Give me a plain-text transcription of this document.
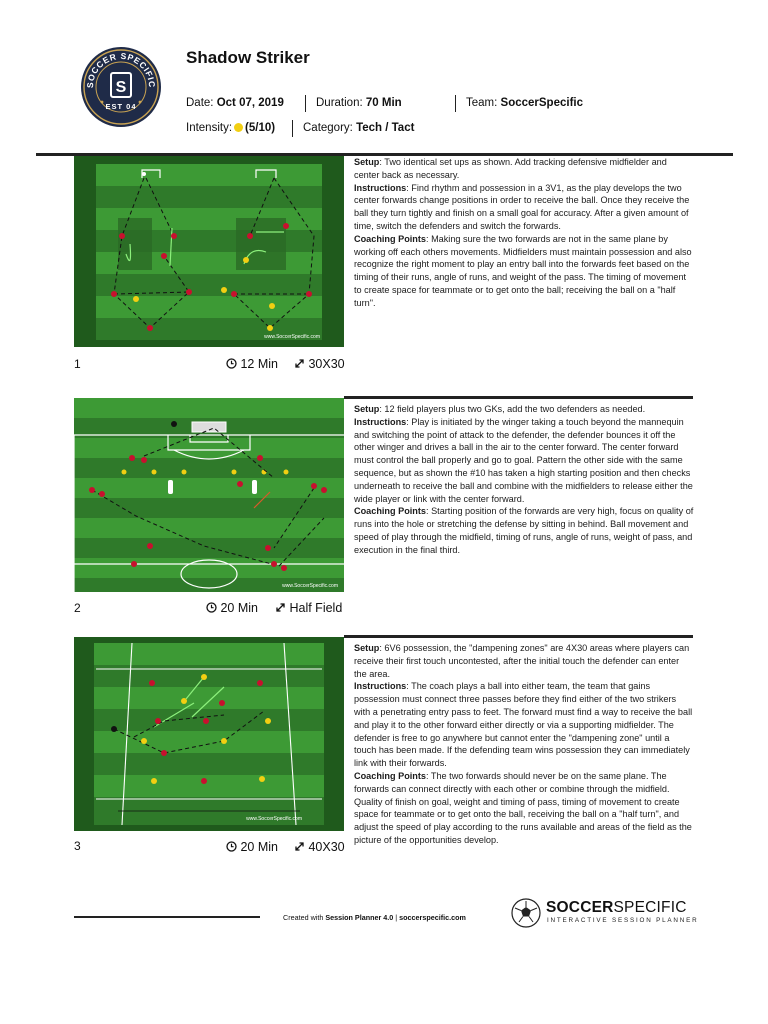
SOCCER SPECIFIC
S
EST 04
Shadow Striker
Date: Oct 07, 2019	Duration: 70 Min	Team: SoccerSpecific
Intensity: (5/10) Category: Tech / Tact
www.SoccerSpecific.com

Setup: Two identical set ups as shown. Add tracking defensive midfielder and center back as necessary.

Instructions: Find rhythm and possession in a 3V1, as the play develops the two center forwards change positions in order to receive the ball. Once they receive the ball they turn tightly and finish on a small goal for accuracy. After a given amount of time, switch the defenders and switch the forwards.

Coaching Points: Making sure the two forwards are not in the same plane by working off each others movements. Midfielders must maintain possession and also recognize the right moment to play an entry ball into the forwards feet based on the timing of their runs, angle of runs, and weight of the pass. The timing of movement to create space for teammate or to get onto the ball; receiving the ball on a "half turn".

1	12 Min	30X30
www.SoccerSpecific.com

Setup: 12 field players plus two GKs, add the two defenders as needed.

Instructions: Play is initiated by the winger taking a touch beyond the mannequin and switching the point of attack to the defender, the defender bounces it off the other winger and drives a ball in the air to the center forward. The center forward must control the ball properly and go to goal. Pattern the other side with the same sequence, but as shown the #10 has taken a high starting position and then checks underneath to receive the ball and combine with the midfielders to release either the wide player or link with the center forward.

Coaching Points: Starting position of the forwards are very high, focus on quality of runs into the hole or stretching the defense by sitting in behind. Ball movement and speed of play through the midfield, timing of runs, angle of runs, weight of pass, and execution in the final third.

2	20 Min	Half Field
www.SoccerSpecific.com

Setup: 6V6 possession, the "dampening zones" are 4X30 areas where players can receive their first touch uncontested, after the initial touch the defender can enter the area.

Instructions: The coach plays a ball into either team, the team that gains possession must connect three passes before they find either of the two strikers with a penetrating entry pass to feet. The forward must find a way to receive the ball and play it to the other forward either directly or via a supporting midfielder. The defender is free to go anywhere but cannot enter the "dampening zone" until a touch has been made. If the defending team wins possession they can immediately link with their forwards.

Coaching Points: The two forwards should never be on the same plane. The forwards can connect directly with each other or combine through the midfield. Quality of finish on goal, weight and timing of pass, timing of movement to create space for teammate or to get onto the ball, receiving the ball on a "half turn", and adjust the speed of play according to the runs available and areas of the field as the picture of the opportunities develop.

3	20 Min	40X30
Created with Session Planner 4.0 | soccerspecific.com
SOCCERSPECIFIC
INTERACTIVE SESSION PLANNER
